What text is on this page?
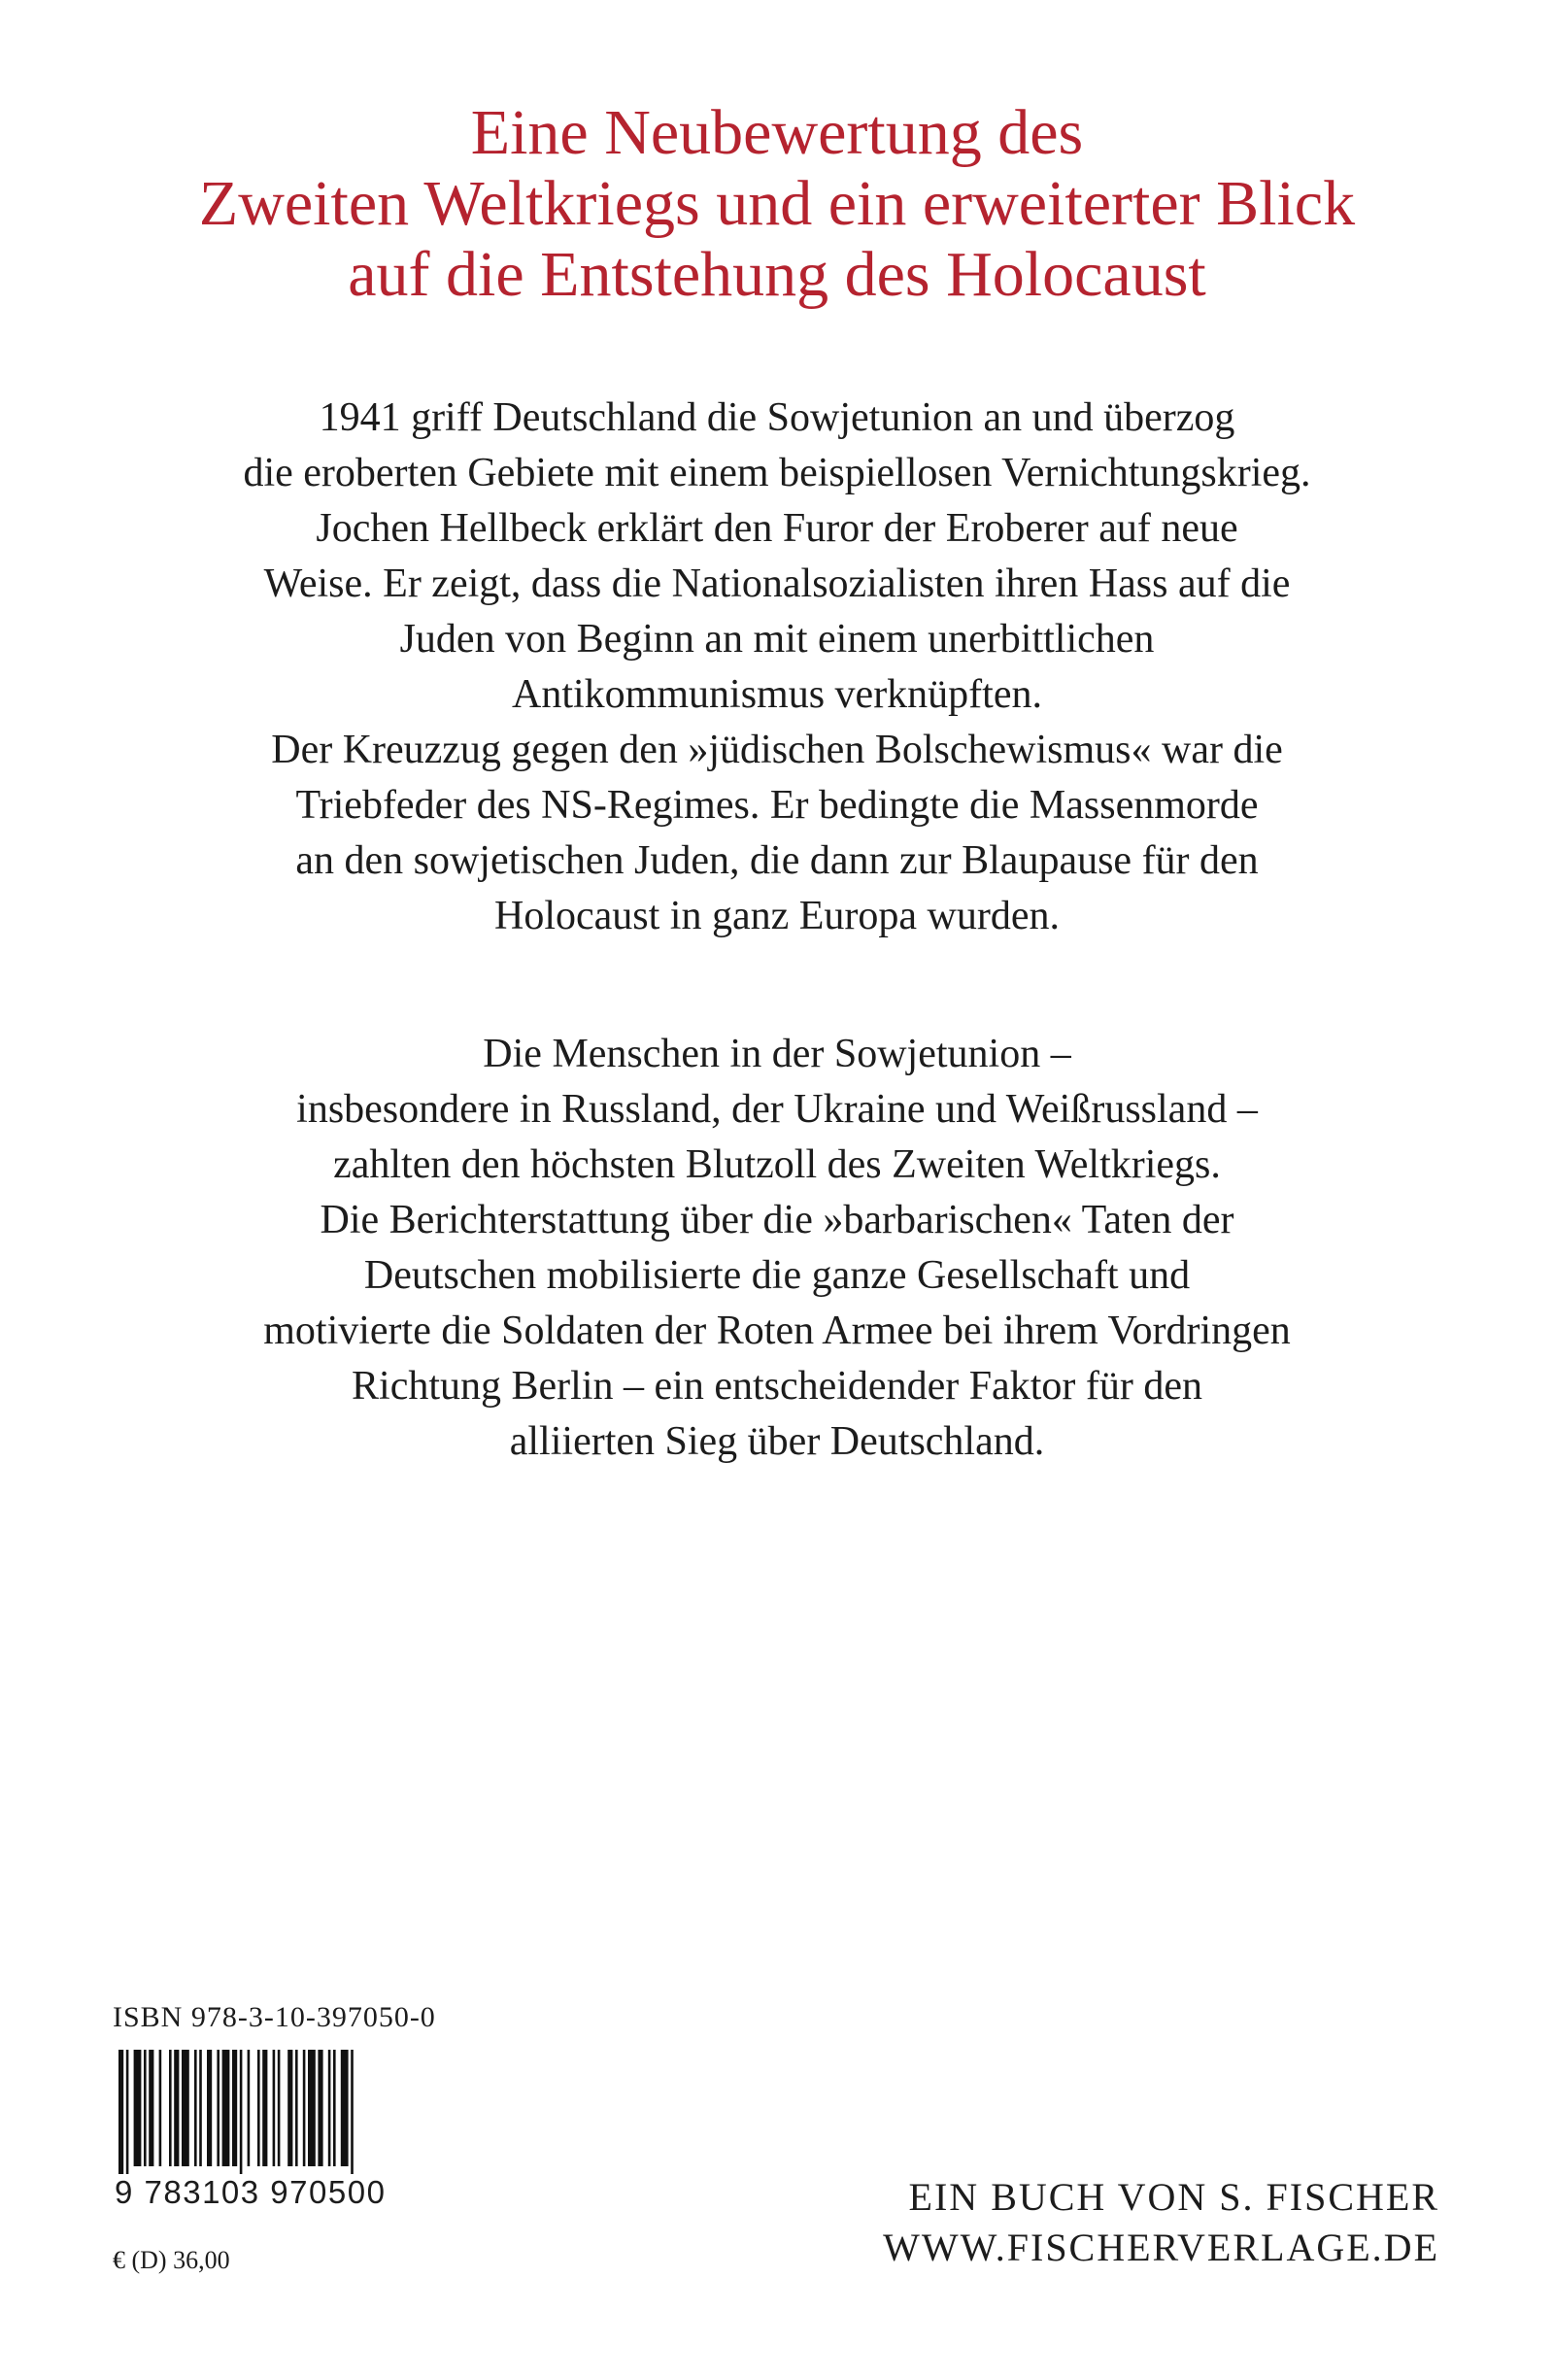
Eine Neubewertung des
Zweiten Weltkriegs und ein erweiterter Blick
auf die Entstehung des Holocaust
1941 griff Deutschland die Sowjetunion an und überzog
die eroberten Gebiete mit einem beispiellosen Vernichtungskrieg.
Jochen Hellbeck erklärt den Furor der Eroberer auf neue
Weise. Er zeigt, dass die Nationalsozialisten ihren Hass auf die
Juden von Beginn an mit einem unerbittlichen
Antikommunismus verknüpften.
Der Kreuzzug gegen den »jüdischen Bolschewismus« war die
Triebfeder des NS-Regimes. Er bedingte die Massenmorde
an den sowjetischen Juden, die dann zur Blaupause für den
Holocaust in ganz Europa wurden.
Die Menschen in der Sowjetunion –
insbesondere in Russland, der Ukraine und Weißrussland –
zahlten den höchsten Blutzoll des Zweiten Weltkriegs.
Die Berichterstattung über die »barbarischen« Taten der
Deutschen mobilisierte die ganze Gesellschaft und
motivierte die Soldaten der Roten Armee bei ihrem Vordringen
Richtung Berlin – ein entscheidender Faktor für den
alliierten Sieg über Deutschland.
ISBN 978-3-10-397050-0
9 783103 970500
€ (D) 36,00
EIN BUCH VON S. FISCHER
WWW.FISCHERVERLAGE.DE
